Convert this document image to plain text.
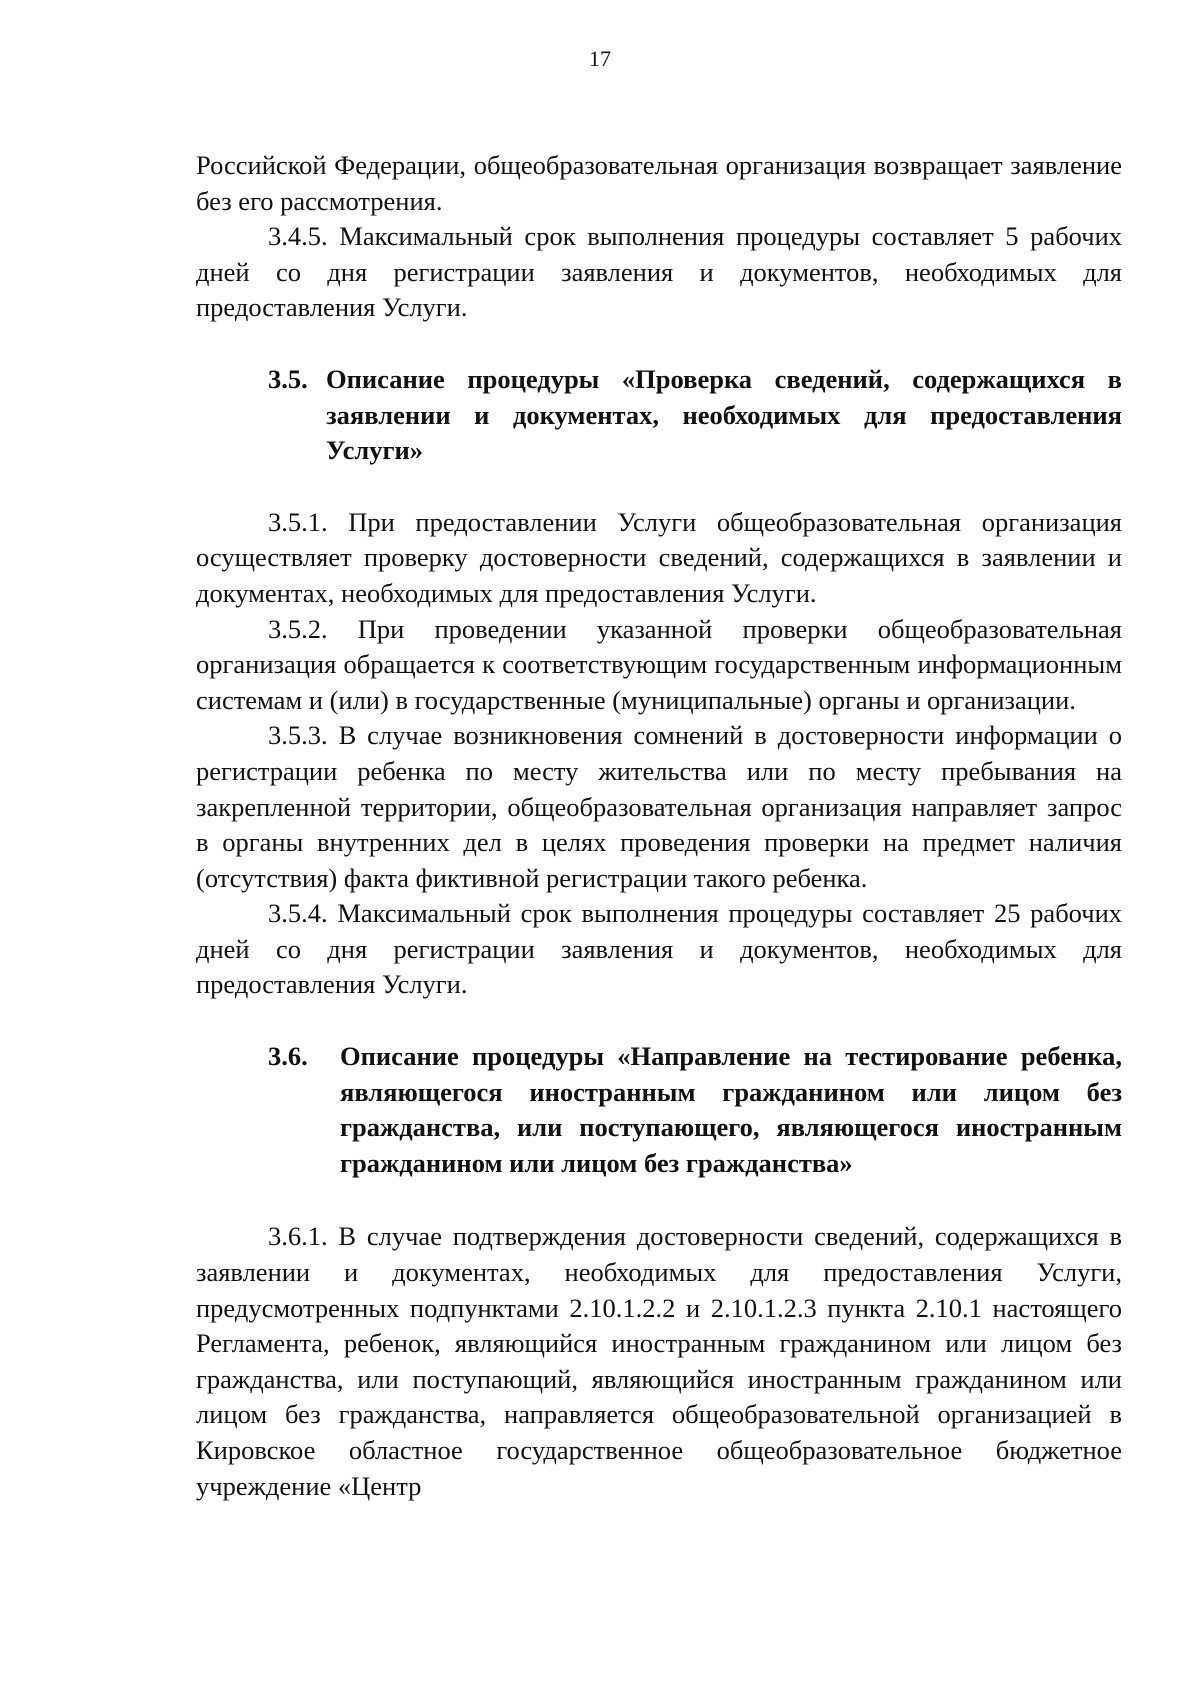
17

Российской Федерации, общеобразовательная организация возвращает заявление без его рассмотрения.

3.4.5. Максимальный срок выполнения процедуры составляет 5 рабочих дней со дня регистрации заявления и документов, необходимых для предоставления Услуги.

3.5. Описание процедуры «Проверка сведений, содержащихся в заявлении и документах, необходимых для предоставления Услуги»

3.5.1. При предоставлении Услуги общеобразовательная организация осуществляет проверку достоверности сведений, содержащихся в заявлении и документах, необходимых для предоставления Услуги.

3.5.2. При проведении указанной проверки общеобразовательная организация обращается к соответствующим государственным информационным системам и (или) в государственные (муниципальные) органы и организации.

3.5.3. В случае возникновения сомнений в достоверности информации о регистрации ребенка по месту жительства или по месту пребывания на закрепленной территории, общеобразовательная организация направляет запрос в органы внутренних дел в целях проведения проверки на предмет наличия (отсутствия) факта фиктивной регистрации такого ребенка.

3.5.4. Максимальный срок выполнения процедуры составляет 25 рабочих дней со дня регистрации заявления и документов, необходимых для предоставления Услуги.

3.6.	Описание процедуры «Направление на тестирование ребенка, являющегося иностранным гражданином или лицом без гражданства, или поступающего, являющегося иностранным гражданином или лицом без гражданства»

3.6.1. В случае подтверждения достоверности сведений, содержащихся в заявлении и документах, необходимых для предоставления Услуги, предусмотренных подпунктами 2.10.1.2.2 и 2.10.1.2.3 пункта 2.10.1 настоящего Регламента, ребенок, являющийся иностранным гражданином или лицом без гражданства, или поступающий, являющийся иностранным гражданином или лицом без гражданства, направляется общеобразовательной организацией в Кировское областное государственное общеобразовательное бюджетное учреждение «Центр
